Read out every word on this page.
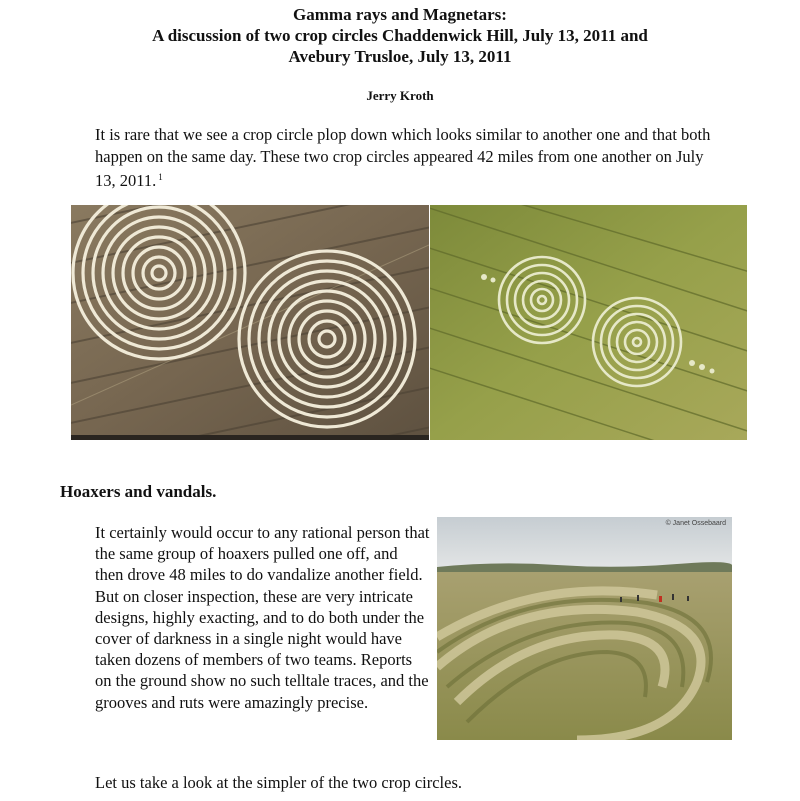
Gamma rays and Magnetars:
A discussion of two crop circles Chaddenwick Hill, July 13, 2011 and
Avebury Trusloe, July 13, 2011
Jerry Kroth
It is rare that we see a crop circle plop down which looks similar to another one and that both happen on the same day. These two crop circles appeared 42 miles from one another on July 13, 2011. $^1$
Hoaxers and vandals.
It certainly would occur to any rational person that the same group of hoaxers pulled one off, and then drove 48 miles to do vandalize another field. But on closer inspection, these are very intricate designs, highly exacting, and to do both under the cover of darkness in a single night would have taken dozens of members of two teams. Reports on the ground show no such telltale traces, and the grooves and ruts were amazingly precise.
© Janet Ossebaard
Let us take a look at the simpler of the two crop circles.
